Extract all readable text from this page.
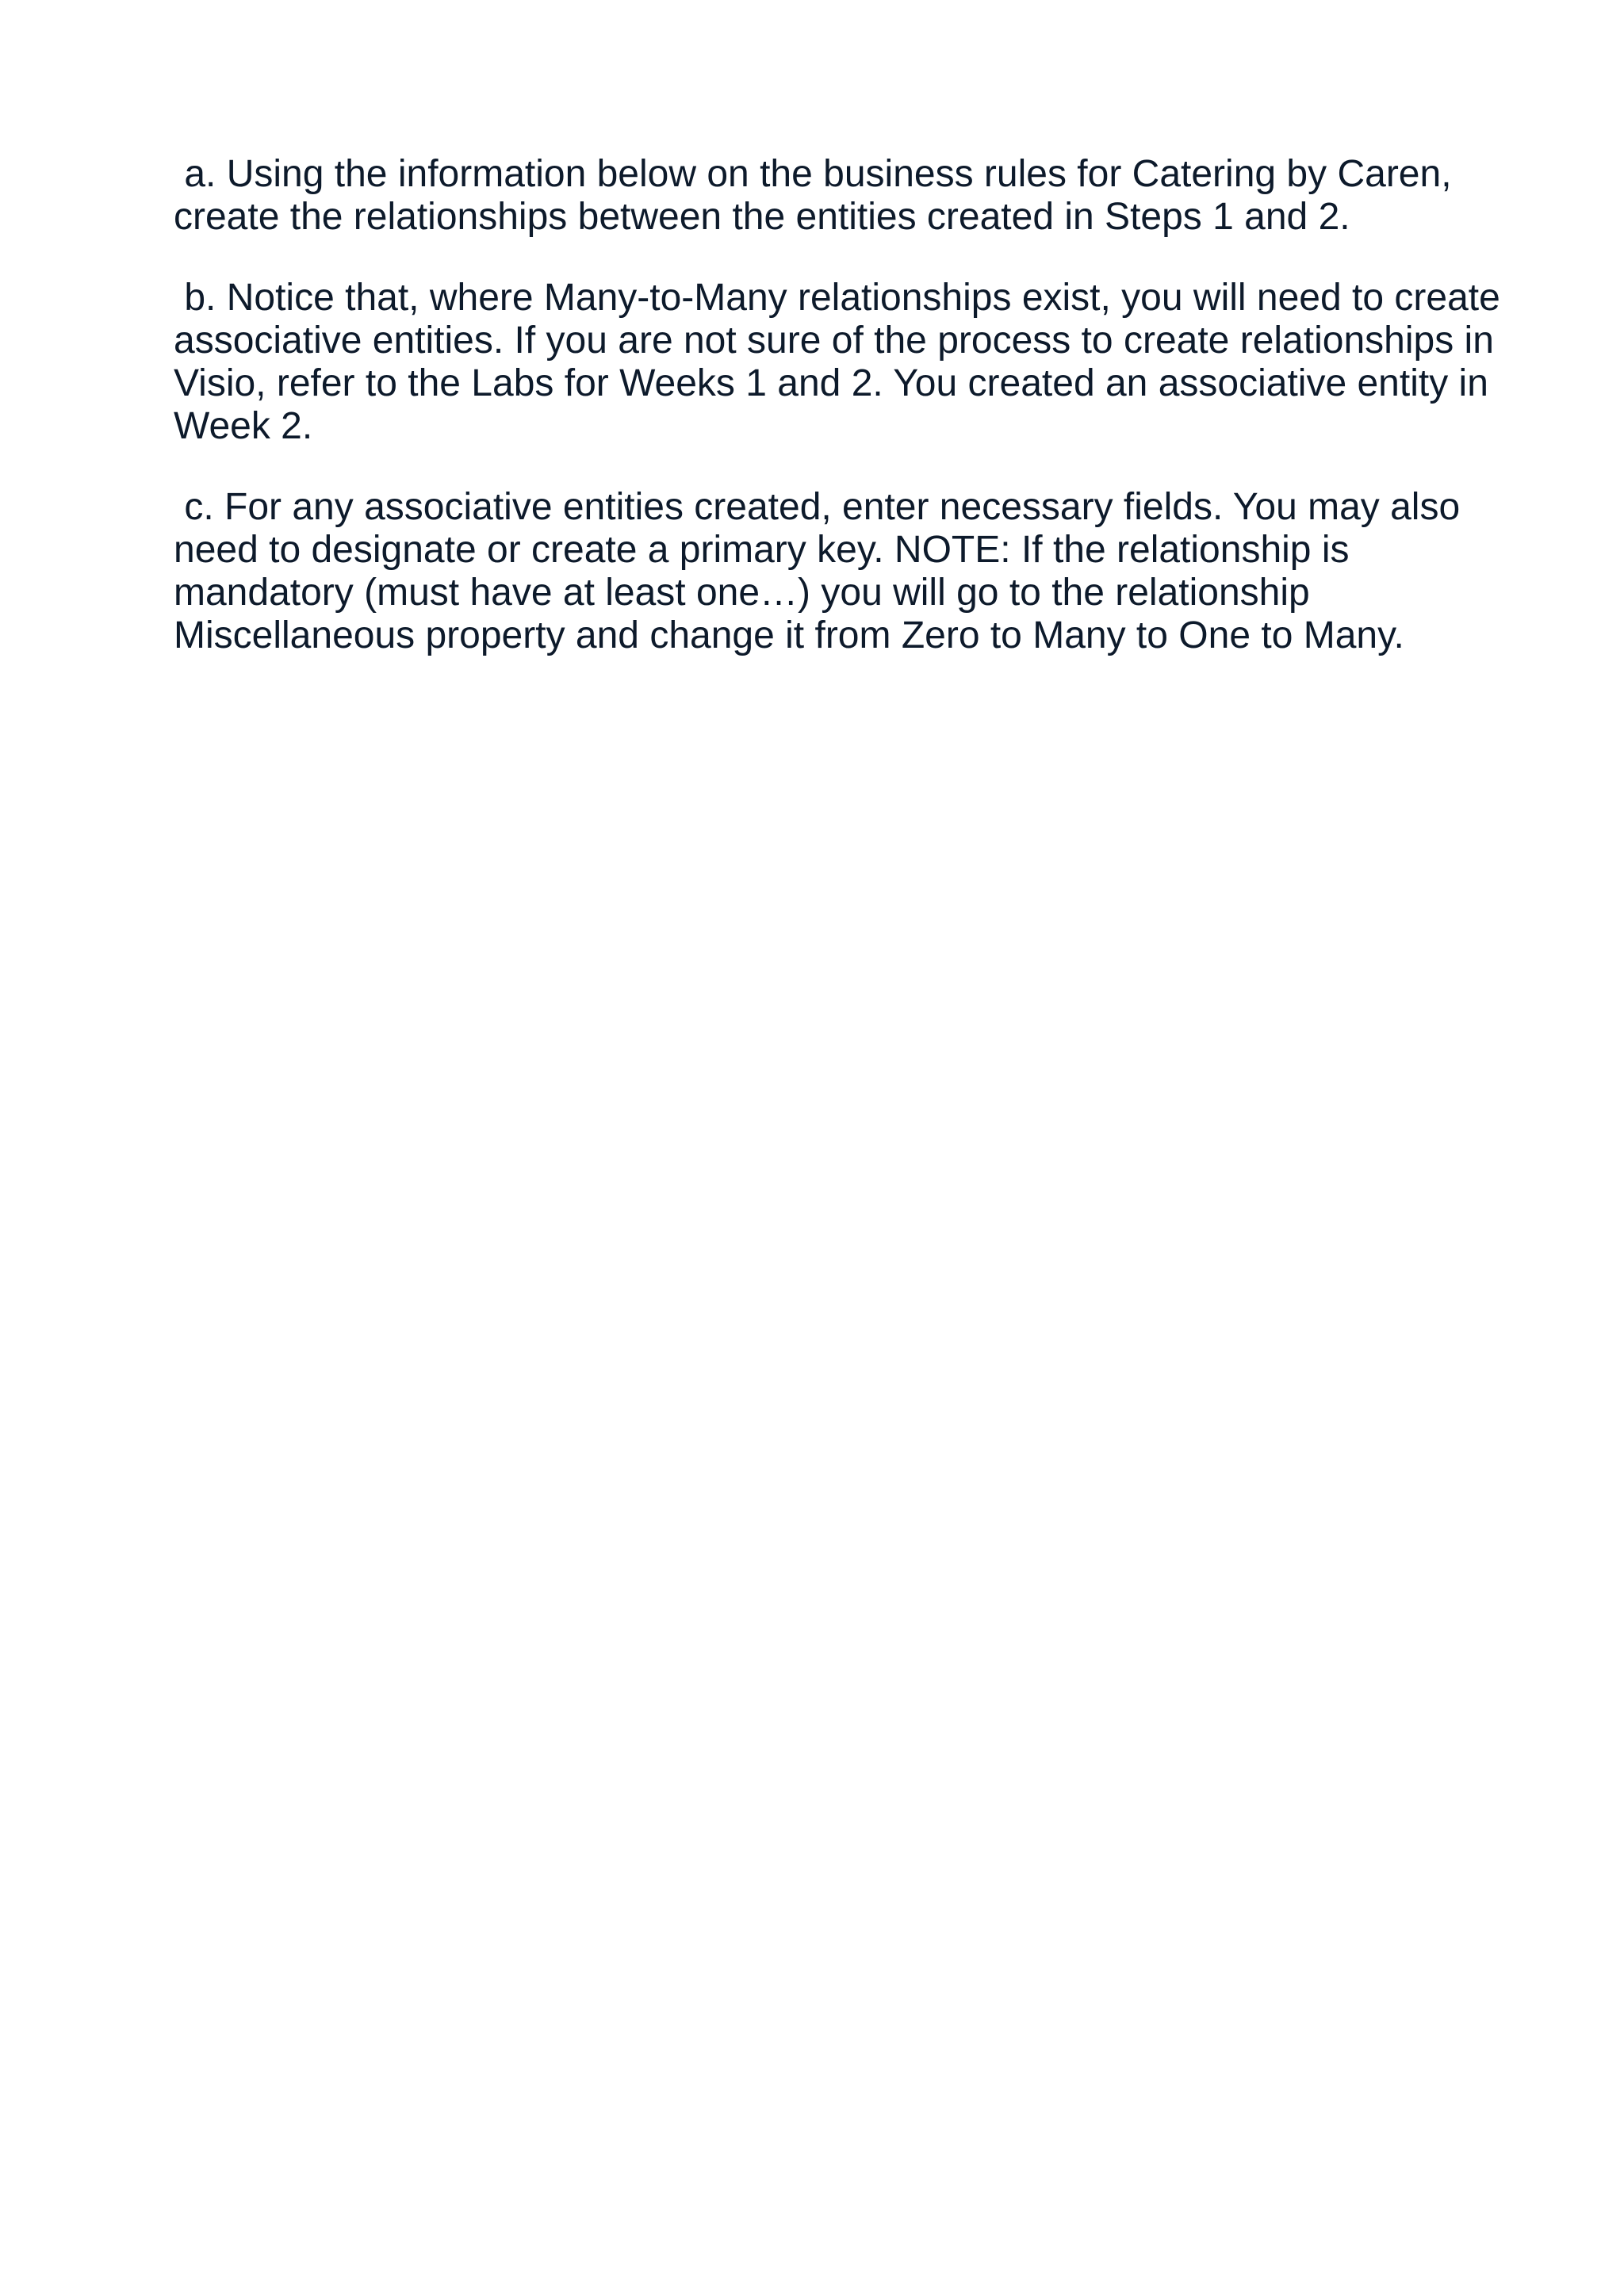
a. Using the information below on the business rules for Catering by Caren, create the relationships between the entities created in Steps 1 and 2.

b. Notice that, where Many-to-Many relationships exist, you will need to create associative entities. If you are not sure of the process to create relationships in Visio, refer to the Labs for Weeks 1 and 2. You created an associative entity in Week 2.

c. For any associative entities created, enter necessary fields. You may also need to designate or create a primary key. NOTE: If the relationship is mandatory (must have at least one…) you will go to the relationship Miscellaneous property and change it from Zero to Many to One to Many.
